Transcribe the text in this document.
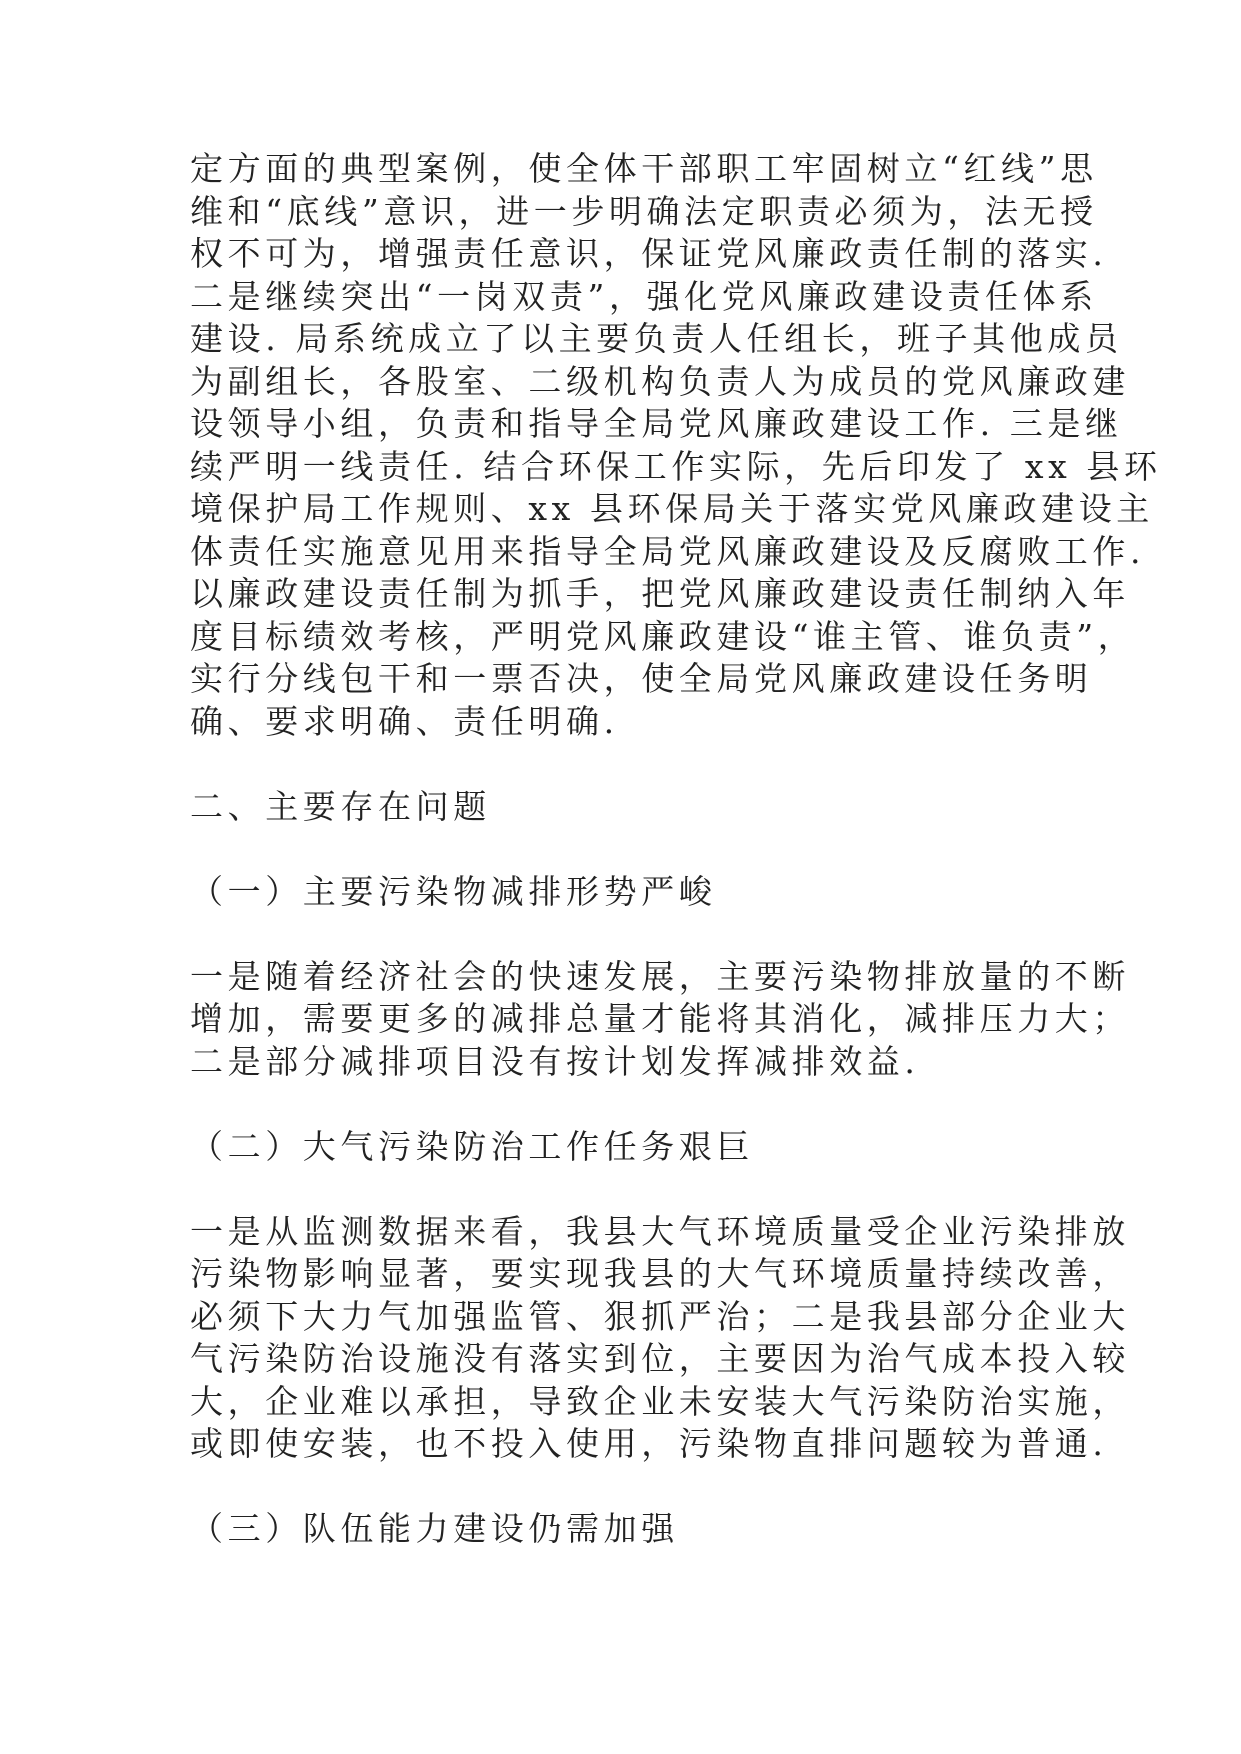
定方面的典型案例，使全体干部职工牢固树立“红线”思
维和“底线”意识，进一步明确法定职责必须为，法无授
权不可为，增强责任意识，保证党风廉政责任制的落实.
二是继续突出“一岗双责”，强化党风廉政建设责任体系
建设. 局系统成立了以主要负责人任组长，班子其他成员
为副组长，各股室、二级机构负责人为成员的党风廉政建
设领导小组，负责和指导全局党风廉政建设工作. 三是继
续严明一线责任. 结合环保工作实际，先后印发了 xx 县环
境保护局工作规则、xx 县环保局关于落实党风廉政建设主
体责任实施意见用来指导全局党风廉政建设及反腐败工作.
以廉政建设责任制为抓手，把党风廉政建设责任制纳入年
度目标绩效考核，严明党风廉政建设“谁主管、谁负责”，
实行分线包干和一票否决，使全局党风廉政建设任务明
确、要求明确、责任明确.
二、主要存在问题
（一）主要污染物减排形势严峻
一是随着经济社会的快速发展，主要污染物排放量的不断
增加，需要更多的减排总量才能将其消化，减排压力大；
二是部分减排项目没有按计划发挥减排效益.
（二）大气污染防治工作任务艰巨
一是从监测数据来看，我县大气环境质量受企业污染排放
污染物影响显著，要实现我县的大气环境质量持续改善，
必须下大力气加强监管、狠抓严治；二是我县部分企业大
气污染防治设施没有落实到位，主要因为治气成本投入较
大，企业难以承担，导致企业未安装大气污染防治实施，
或即使安装，也不投入使用，污染物直排问题较为普通.
（三）队伍能力建设仍需加强
